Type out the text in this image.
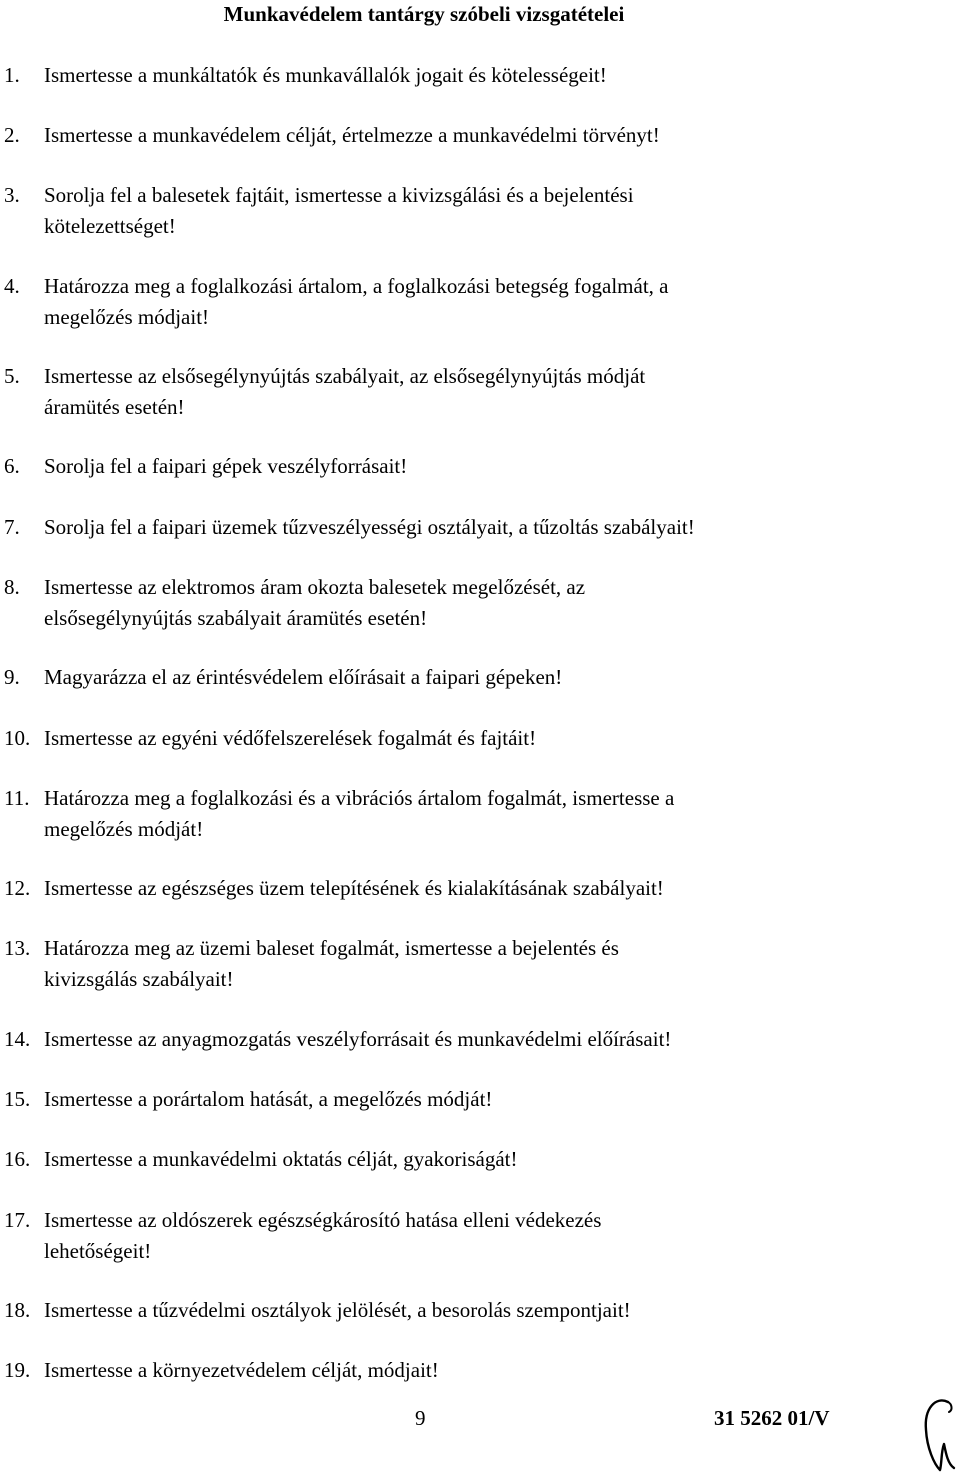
Munkavédelem tantárgy szóbeli vizsgatételei
1. Ismertesse a munkáltatók és munkavállalók jogait és kötelességeit!
2. Ismertesse a munkavédelem célját, értelmezze a munkavédelmi törvényt!
3. Sorolja fel a balesetek fajtáit, ismertesse a kivizsgálási és a bejelentési
kötelezettséget!
4. Határozza meg a foglalkozási ártalom, a foglalkozási betegség fogalmát, a
megelőzés módjait!
5. Ismertesse az elsősegélynyújtás szabályait, az elsősegélynyújtás módját
áramütés esetén!
6. Sorolja fel a faipari gépek veszélyforrásait!
7. Sorolja fel a faipari üzemek tűzveszélyességi osztályait, a tűzoltás szabályait!
8. Ismertesse az elektromos áram okozta balesetek megelőzését, az
elsősegélynyújtás szabályait áramütés esetén!
9. Magyarázza el az érintésvédelem előírásait a faipari gépeken!
10. Ismertesse az egyéni védőfelszerelések fogalmát és fajtáit!
11. Határozza meg a foglalkozási és a vibrációs ártalom fogalmát, ismertesse a
megelőzés módját!
12. Ismertesse az egészséges üzem telepítésének és kialakításának szabályait!
13. Határozza meg az üzemi baleset fogalmát, ismertesse a bejelentés és
kivizsgálás szabályait!
14. Ismertesse az anyagmozgatás veszélyforrásait és munkavédelmi előírásait!
15. Ismertesse a porártalom hatását, a megelőzés módját!
16. Ismertesse a munkavédelmi oktatás célját, gyakoriságát!
17. Ismertesse az oldószerek egészségkárosító hatása elleni védekezés
lehetőségeit!
18. Ismertesse a tűzvédelmi osztályok jelölését, a besorolás szempontjait!
19. Ismertesse a környezetvédelem célját, módjait!
9	31 5262 01/V
